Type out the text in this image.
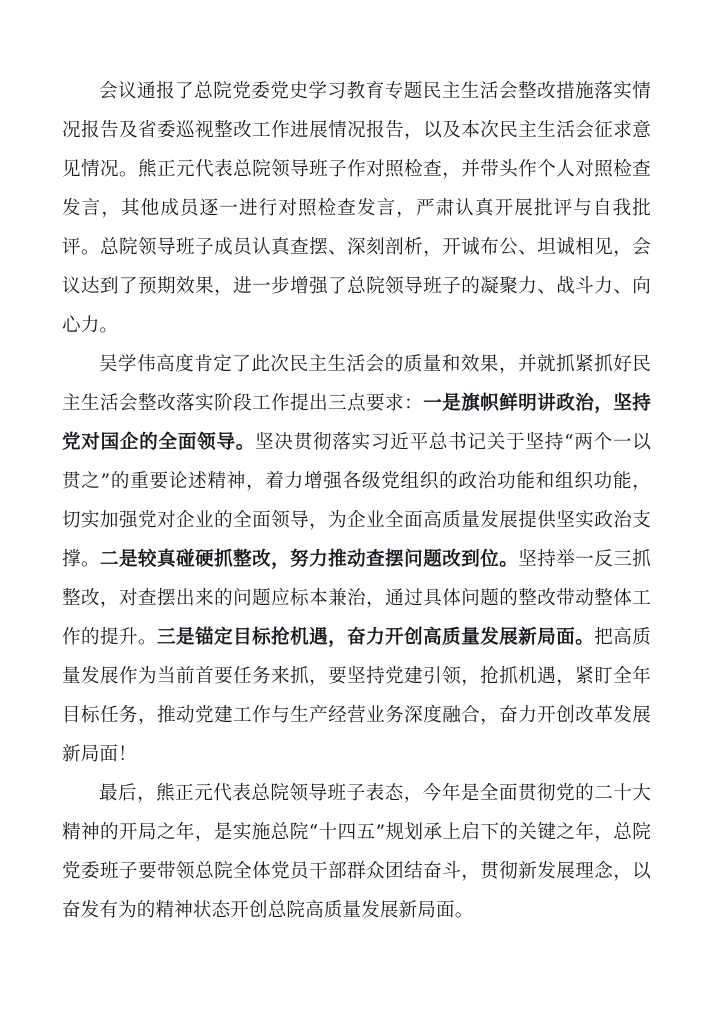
会议通报了总院党委党史学习教育专题民主生活会整改措施落实情况报告及省委巡视整改工作进展情况报告，以及本次民主生活会征求意见情况。熊正元代表总院领导班子作对照检查，并带头作个人对照检查发言，其他成员逐一进行对照检查发言，严肃认真开展批评与自我批评。总院领导班子成员认真查摆、深刻剖析，开诚布公、坦诚相见，会议达到了预期效果，进一步增强了总院领导班子的凝聚力、战斗力、向心力。

吴学伟高度肯定了此次民主生活会的质量和效果，并就抓紧抓好民主生活会整改落实阶段工作提出三点要求：一是旗帜鲜明讲政治，坚持党对国企的全面领导。坚决贯彻落实习近平总书记关于坚持“两个一以贯之”的重要论述精神，着力增强各级党组织的政治功能和组织功能，切实加强党对企业的全面领导，为企业全面高质量发展提供坚实政治支撑。二是较真碰硬抓整改，努力推动查摆问题改到位。坚持举一反三抓整改，对查摆出来的问题应标本兼治，通过具体问题的整改带动整体工作的提升。三是锚定目标抢机遇，奋力开创高质量发展新局面。把高质量发展作为当前首要任务来抓，要坚持党建引领，抢抓机遇，紧盯全年目标任务，推动党建工作与生产经营业务深度融合，奋力开创改革发展新局面！

最后，熊正元代表总院领导班子表态，今年是全面贯彻党的二十大精神的开局之年，是实施总院“十四五”规划承上启下的关键之年，总院党委班子要带领总院全体党员干部群众团结奋斗，贯彻新发展理念，以奋发有为的精神状态开创总院高质量发展新局面。
